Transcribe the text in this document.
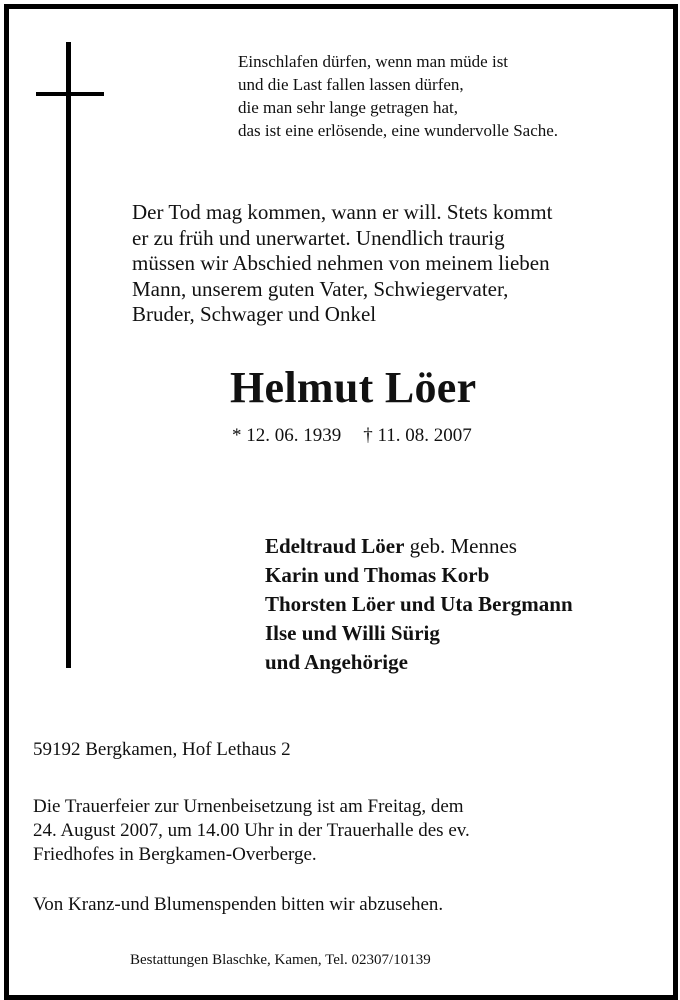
Einschlafen dürfen, wenn man müde ist
und die Last fallen lassen dürfen,
die man sehr lange getragen hat,
das ist eine erlösende, eine wundervolle Sache.
Der Tod mag kommen, wann er will. Stets kommt
er zu früh und unerwartet. Unendlich traurig
müssen wir Abschied nehmen von meinem lieben
Mann, unserem guten Vater, Schwiegervater,
Bruder, Schwager und Onkel
Helmut Löer
* 12. 06. 1939 † 11. 08. 2007
Edeltraud Löer geb. Mennes
Karin und Thomas Korb
Thorsten Löer und Uta Bergmann
Ilse und Willi Sürig
und Angehörige
59192 Bergkamen, Hof Lethaus 2
Die Trauerfeier zur Urnenbeisetzung ist am Freitag, dem
24. August 2007, um 14.00 Uhr in der Trauerhalle des ev.
Friedhofes in Bergkamen-Overberge.
Von Kranz-und Blumenspenden bitten wir abzusehen.
Bestattungen Blaschke, Kamen, Tel. 02307/10139
